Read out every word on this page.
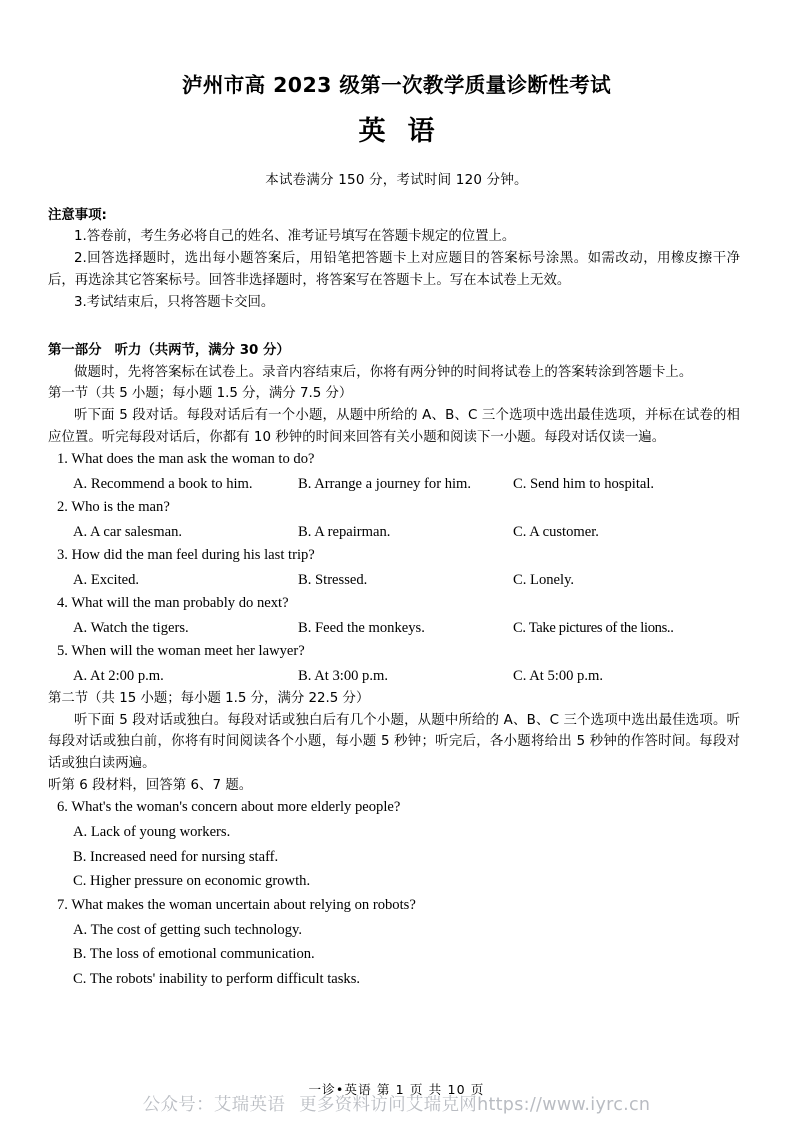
泸州市高 2023 级第一次教学质量诊断性考试
英语
本试卷满分 150 分，考试时间 120 分钟。
注意事项:

1.答卷前，考生务必将自己的姓名、准考证号填写在答题卡规定的位置上。

2.回答选择题时，选出每小题答案后，用铅笔把答题卡上对应题目的答案标号涂黑。如需改动，用橡皮擦干净后，再选涂其它答案标号。回答非选择题时，将答案写在答题卡上。写在本试卷上无效。

3.考试结束后，只将答题卡交回。

第一部分 听力（共两节，满分 30 分）

做题时，先将答案标在试卷上。录音内容结束后，你将有两分钟的时间将试卷上的答案转涂到答题卡上。

第一节（共 5 小题；每小题 1.5 分，满分 7.5 分）

听下面 5 段对话。每段对话后有一个小题，从题中所给的 A、B、C 三个选项中选出最佳选项，并标在试卷的相应位置。听完每段对话后，你都有 10 秒钟的时间来回答有关小题和阅读下一小题。每段对话仅读一遍。

1. What does the man ask the woman to do?

A. Recommend a book to him.	B. Arrange a journey for him.	C. Send him to hospital.

2. Who is the man?

A. A car salesman.	B. A repairman.	C. A customer.

3. How did the man feel during his last trip?

A. Excited.	B. Stressed.	C. Lonely.

4. What will the man probably do next?

A. Watch the tigers.	B. Feed the monkeys.	C. Take pictures of the lions..

5. When will the woman meet her lawyer?

A. At 2:00 p.m.	B. At 3:00 p.m.	C. At 5:00 p.m.
第二节（共 15 小题；每小题 1.5 分，满分 22.5 分）

听下面 5 段对话或独白。每段对话或独白后有几个小题，从题中所给的 A、B、C 三个选项中选出最佳选项。听每段对话或独白前，你将有时间阅读各个小题，每小题 5 秒钟；听完后，各小题将给出 5 秒钟的作答时间。每段对话或独白读两遍。

听第 6 段材料，回答第 6、7 题。

6. What's the woman's concern about more elderly people?

A. Lack of young workers.

B. Increased need for nursing staff.

C. Higher pressure on economic growth.

7. What makes the woman uncertain about relying on robots?

A. The cost of getting such technology.

B. The loss of emotional communication.

C. The robots' inability to perform difficult tasks.

一诊•英语 第 1 页 共 10 页
公众号：艾瑞英语 更多资料访问艾瑞克网https://www.iyrc.cn
